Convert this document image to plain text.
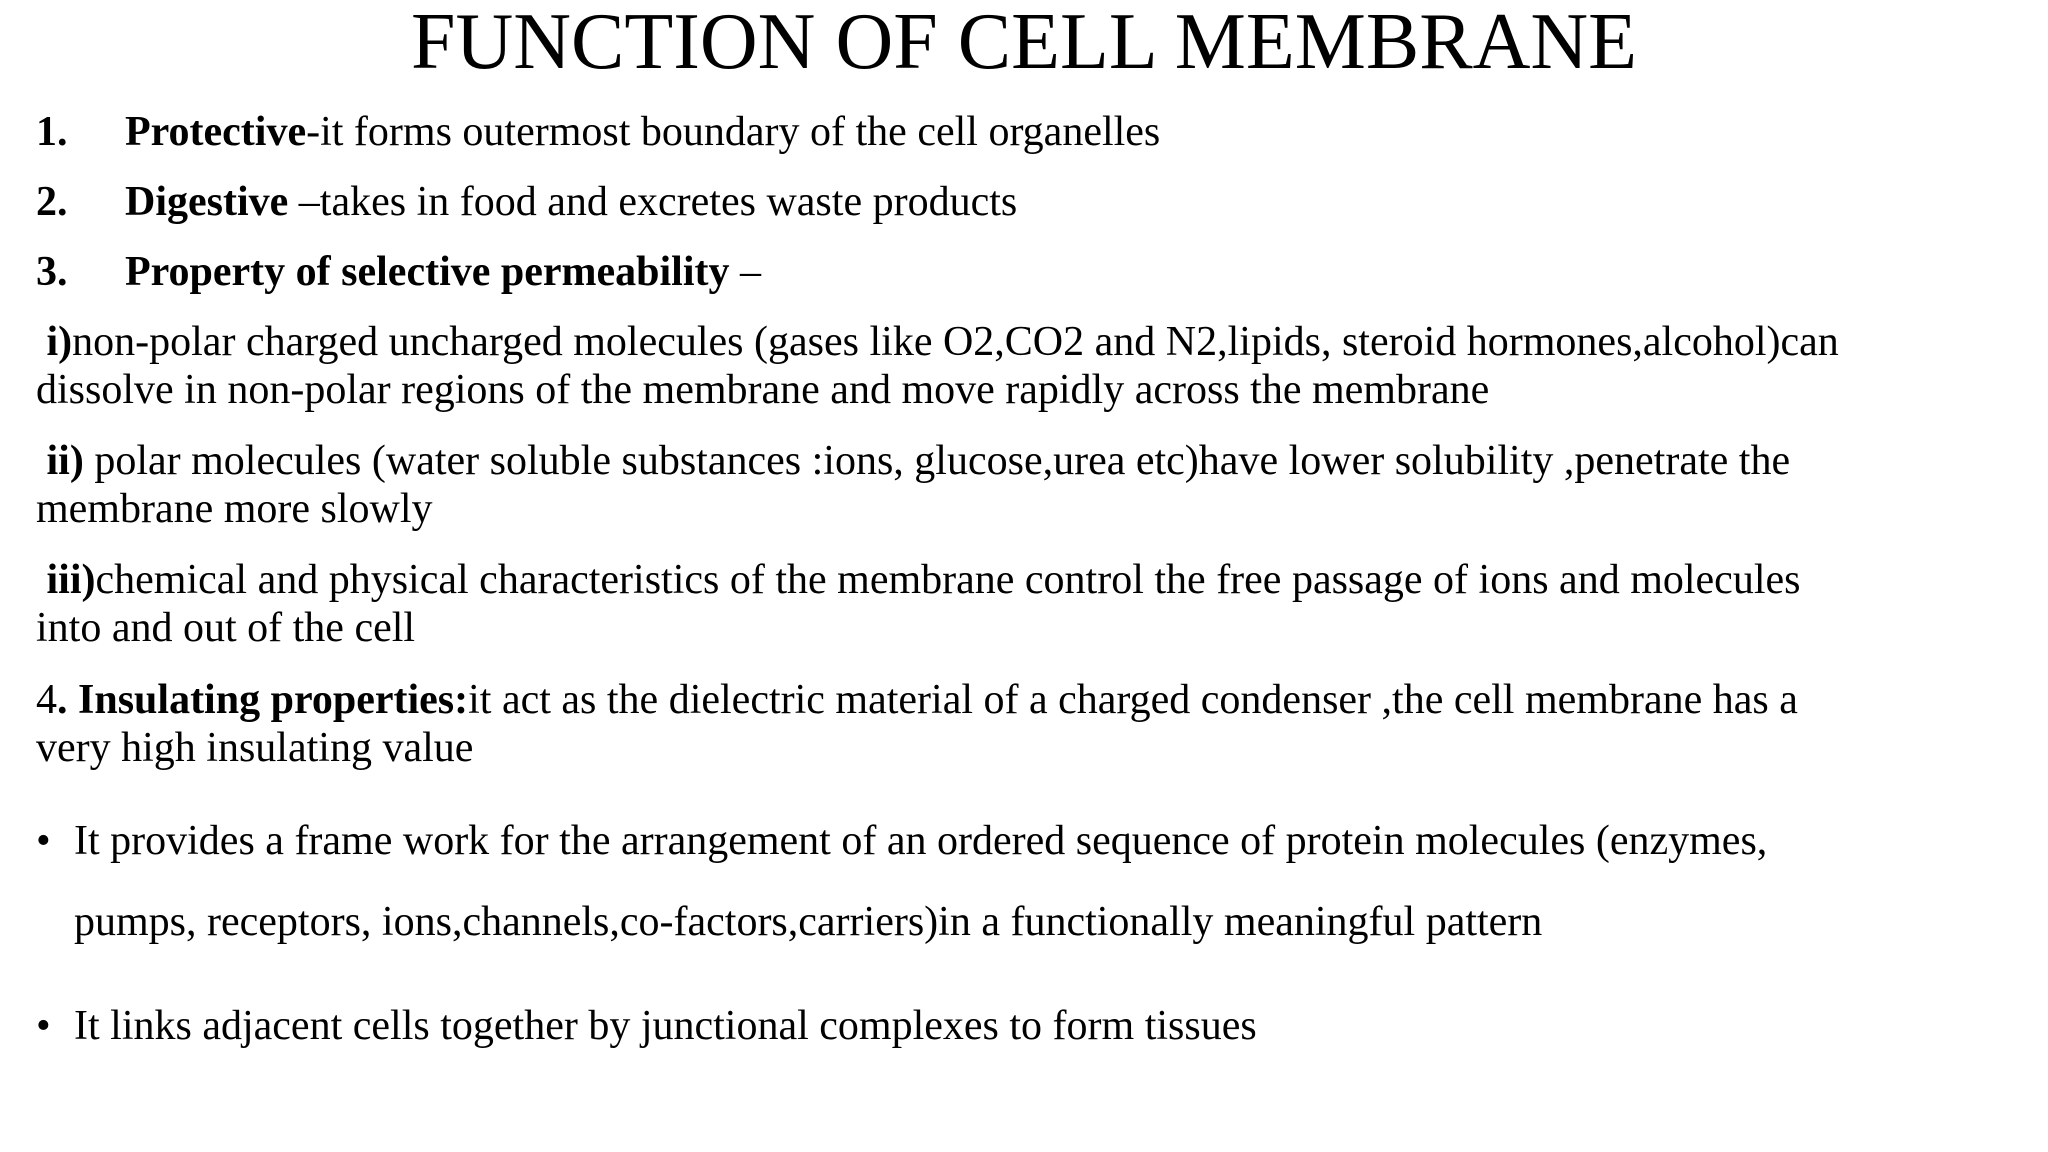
FUNCTION OF CELL MEMBRANE
1. Protective-it forms outermost boundary of the cell organelles
2. Digestive –takes in food and excretes waste products
3. Property of selective permeability –
i)non-polar charged uncharged molecules (gases like O2,CO2 and N2,lipids, steroid hormones,alcohol)can
dissolve in non-polar regions of the membrane and move rapidly across the membrane
ii) polar molecules (water soluble substances :ions, glucose,urea etc)have lower solubility ,penetrate the
membrane more slowly
iii)chemical and physical characteristics of the membrane control the free passage of ions and molecules
into and out of the cell
4. Insulating properties:it act as the dielectric material of a charged condenser ,the cell membrane has a
very high insulating value
• It provides a frame work for the arrangement of an ordered sequence of protein molecules (enzymes,
pumps, receptors, ions,channels,co-factors,carriers)in a functionally meaningful pattern
• It links adjacent cells together by junctional complexes to form tissues
